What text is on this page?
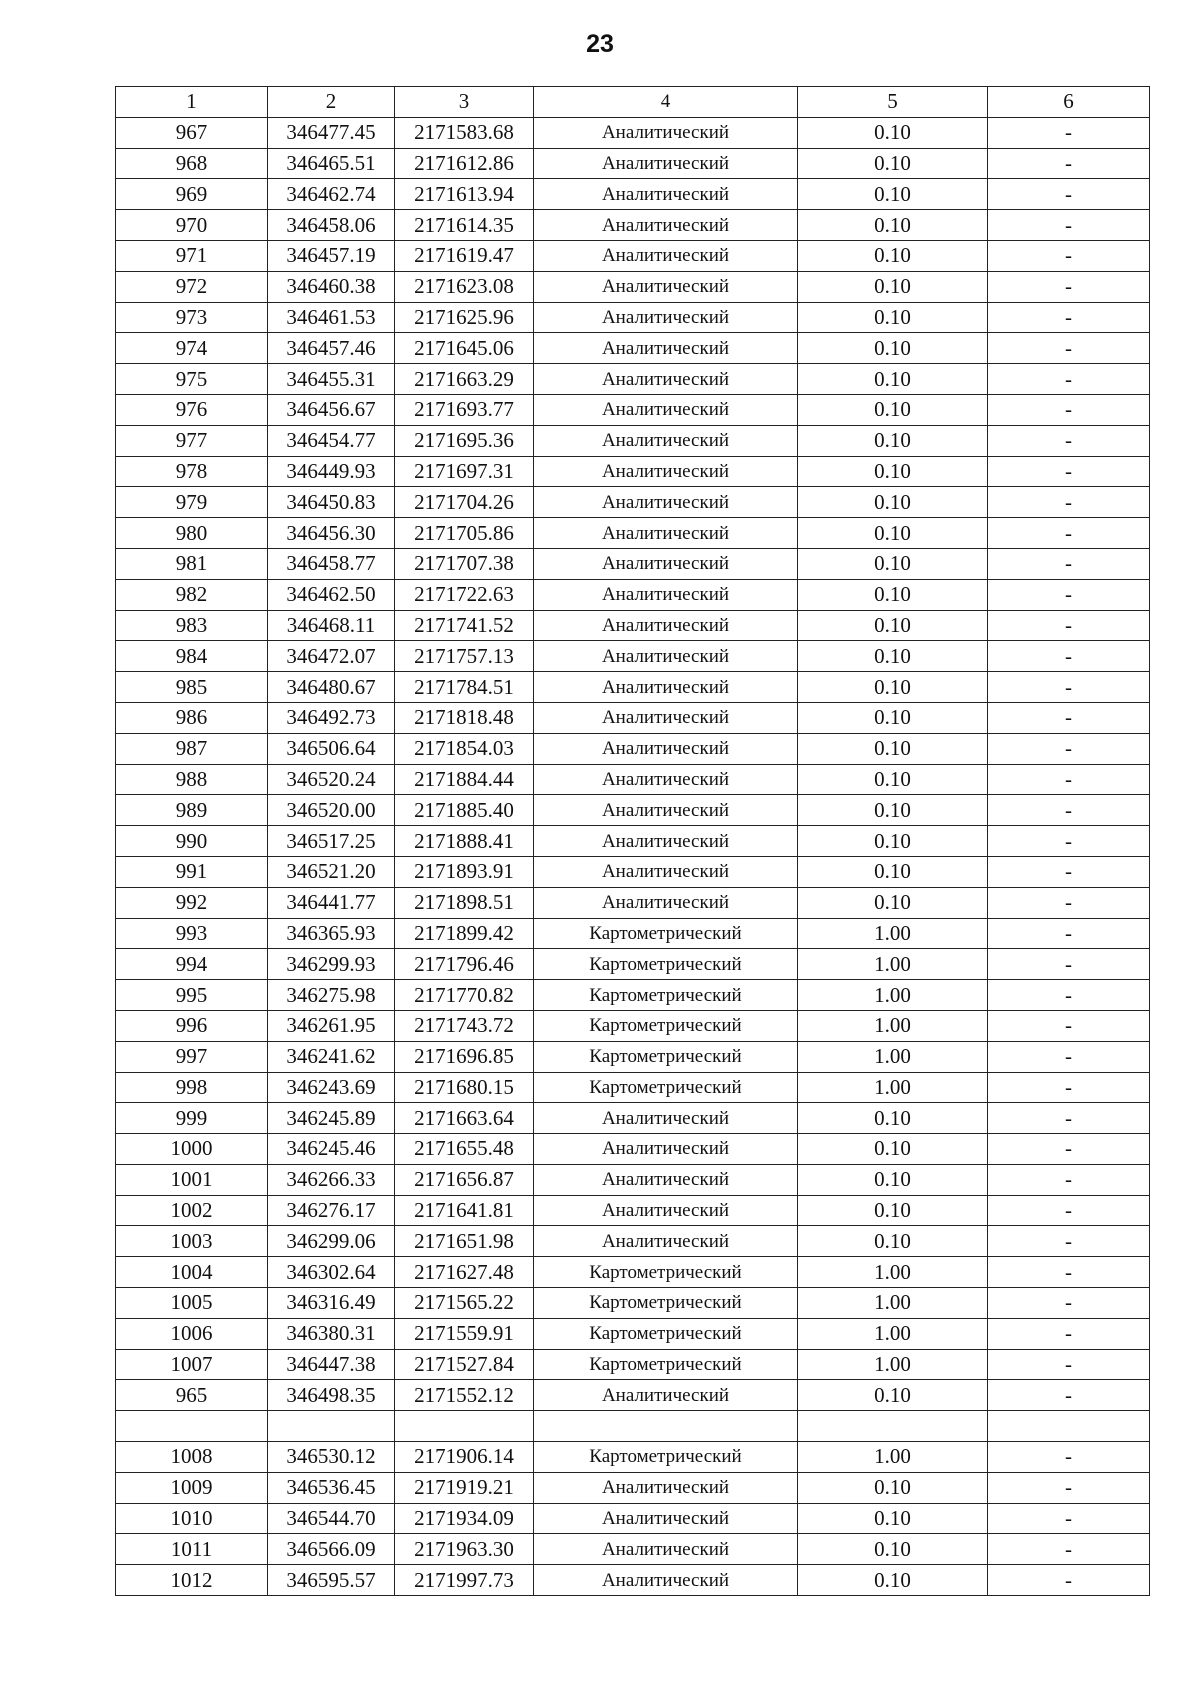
23
1	2	3	4	5	6
967	346477.45	2171583.68	Аналитический	0.10	-
968	346465.51	2171612.86	Аналитический	0.10	-
969	346462.74	2171613.94	Аналитический	0.10	-
970	346458.06	2171614.35	Аналитический	0.10	-
971	346457.19	2171619.47	Аналитический	0.10	-
972	346460.38	2171623.08	Аналитический	0.10	-
973	346461.53	2171625.96	Аналитический	0.10	-
974	346457.46	2171645.06	Аналитический	0.10	-
975	346455.31	2171663.29	Аналитический	0.10	-
976	346456.67	2171693.77	Аналитический	0.10	-
977	346454.77	2171695.36	Аналитический	0.10	-
978	346449.93	2171697.31	Аналитический	0.10	-
979	346450.83	2171704.26	Аналитический	0.10	-
980	346456.30	2171705.86	Аналитический	0.10	-
981	346458.77	2171707.38	Аналитический	0.10	-
982	346462.50	2171722.63	Аналитический	0.10	-
983	346468.11	2171741.52	Аналитический	0.10	-
984	346472.07	2171757.13	Аналитический	0.10	-
985	346480.67	2171784.51	Аналитический	0.10	-
986	346492.73	2171818.48	Аналитический	0.10	-
987	346506.64	2171854.03	Аналитический	0.10	-
988	346520.24	2171884.44	Аналитический	0.10	-
989	346520.00	2171885.40	Аналитический	0.10	-
990	346517.25	2171888.41	Аналитический	0.10	-
991	346521.20	2171893.91	Аналитический	0.10	-
992	346441.77	2171898.51	Аналитический	0.10	-
993	346365.93	2171899.42	Картометрический	1.00	-
994	346299.93	2171796.46	Картометрический	1.00	-
995	346275.98	2171770.82	Картометрический	1.00	-
996	346261.95	2171743.72	Картометрический	1.00	-
997	346241.62	2171696.85	Картометрический	1.00	-
998	346243.69	2171680.15	Картометрический	1.00	-
999	346245.89	2171663.64	Аналитический	0.10	-
1000	346245.46	2171655.48	Аналитический	0.10	-
1001	346266.33	2171656.87	Аналитический	0.10	-
1002	346276.17	2171641.81	Аналитический	0.10	-
1003	346299.06	2171651.98	Аналитический	0.10	-
1004	346302.64	2171627.48	Картометрический	1.00	-
1005	346316.49	2171565.22	Картометрический	1.00	-
1006	346380.31	2171559.91	Картометрический	1.00	-
1007	346447.38	2171527.84	Картометрический	1.00	-
965	346498.35	2171552.12	Аналитический	0.10	-

1008	346530.12	2171906.14	Картометрический	1.00	-
1009	346536.45	2171919.21	Аналитический	0.10	-
1010	346544.70	2171934.09	Аналитический	0.10	-
1011	346566.09	2171963.30	Аналитический	0.10	-
1012	346595.57	2171997.73	Аналитический	0.10	-
